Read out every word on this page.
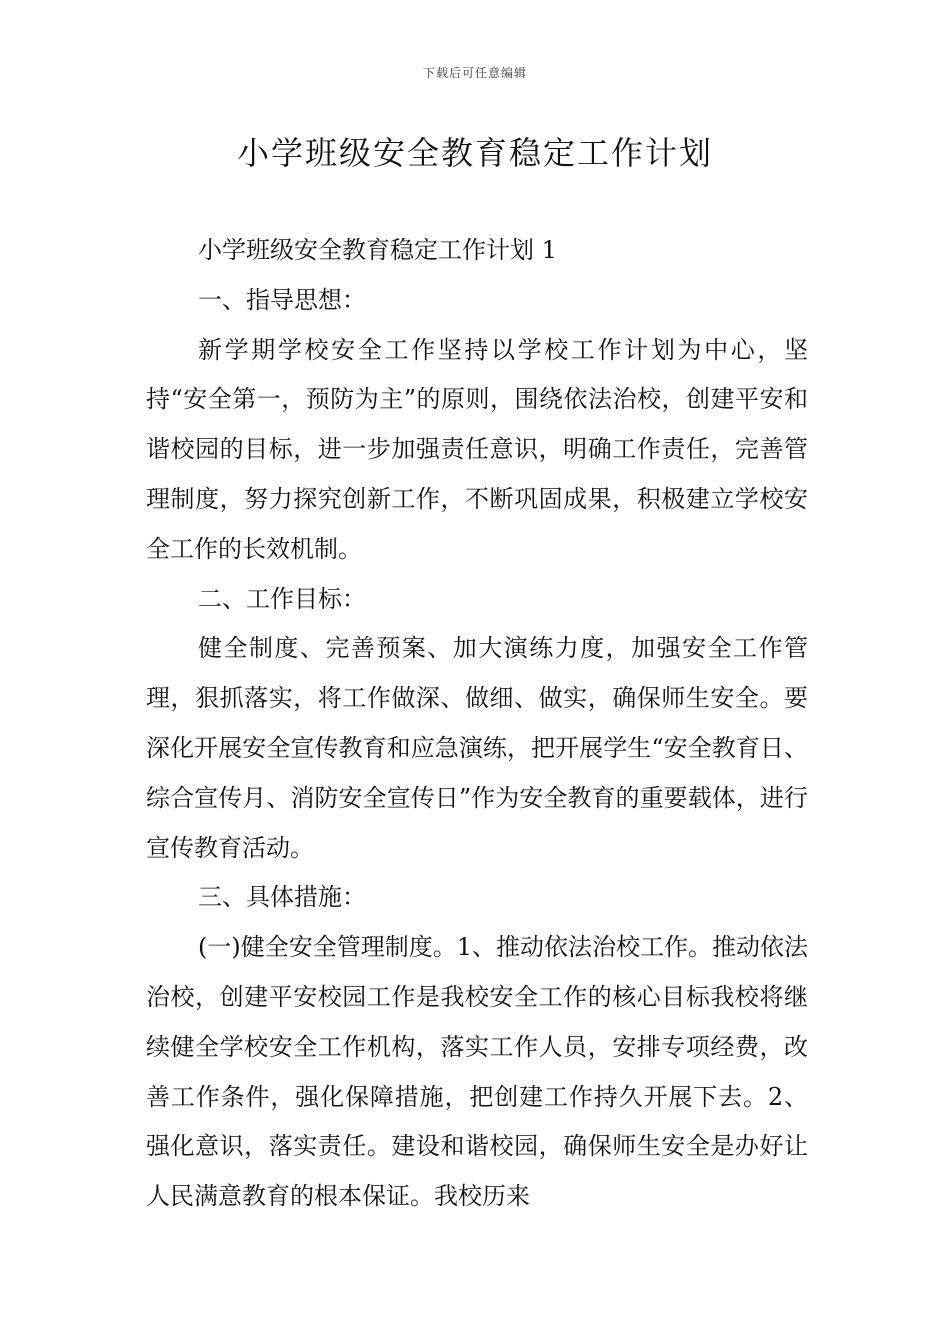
下载后可任意编辑
小学班级安全教育稳定工作计划

小学班级安全教育稳定工作计划 1

一、指导思想：

新学期学校安全工作坚持以学校工作计划为中心，坚持“安全第一，预防为主”的原则，围绕依法治校，创建平安和谐校园的目标，进一步加强责任意识，明确工作责任，完善管理制度，努力探究创新工作，不断巩固成果，积极建立学校安全工作的长效机制。

二、工作目标：

健全制度、完善预案、加大演练力度，加强安全工作管理，狠抓落实，将工作做深、做细、做实，确保师生安全。要深化开展安全宣传教育和应急演练，把开展学生“安全教育日、综合宣传月、消防安全宣传日”作为安全教育的重要载体，进行宣传教育活动。

三、具体措施：

(一)健全安全管理制度。1、推动依法治校工作。推动依法治校，创建平安校园工作是我校安全工作的核心目标我校将继续健全学校安全工作机构，落实工作人员，安排专项经费，改善工作条件，强化保障措施，把创建工作持久开展下去。2、强化意识，落实责任。建设和谐校园，确保师生安全是办好让人民满意教育的根本保证。我校历来
